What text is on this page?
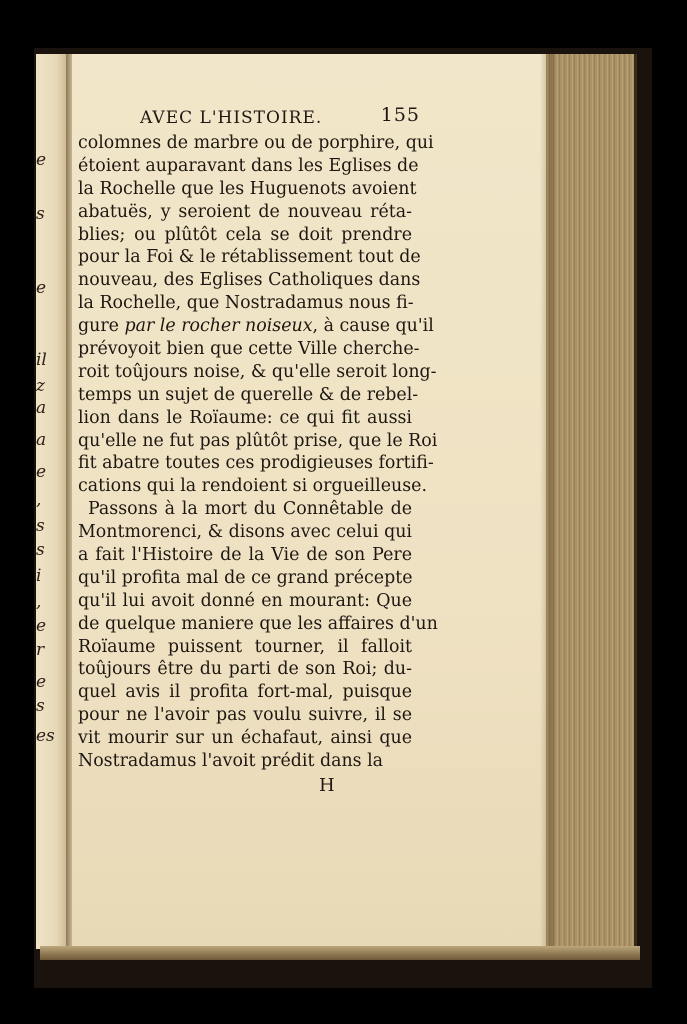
e
s
e
il
z
a
a
e
,
s
s
i
,
e
r
e
s
es
AVEC L'HISTOIRE.	155
colomnes de marbre ou de porphire, qui
étoient auparavant dans les Eglises de
la Rochelle que les Huguenots avoient
abatuës, y seroient de nouveau réta-
blies; ou plûtôt cela se doit prendre
pour la Foi & le rétablissement tout de
nouveau, des Eglises Catholiques dans
la Rochelle, que Nostradamus nous fi-
gure par le rocher noiseux, à cause qu'il
prévoyoit bien que cette Ville cherche-
roit toûjours noise, & qu'elle seroit long-
temps un sujet de querelle & de rebel-
lion dans le Roïaume: ce qui fit aussi
qu'elle ne fut pas plûtôt prise, que le Roi
fit abatre toutes ces prodigieuses fortifi-
cations qui la rendoient si orgueilleuse.
Passons à la mort du Connêtable de
Montmorenci, & disons avec celui qui
a fait l'Histoire de la Vie de son Pere
qu'il profita mal de ce grand précepte
qu'il lui avoit donné en mourant: Que
de quelque maniere que les affaires d'un
Roïaume puissent tourner, il falloit
toûjours être du parti de son Roi; du-
quel avis il profita fort-mal, puisque
pour ne l'avoir pas voulu suivre, il se
vit mourir sur un échafaut, ainsi que
Nostradamus l'avoit prédit dans la
H
